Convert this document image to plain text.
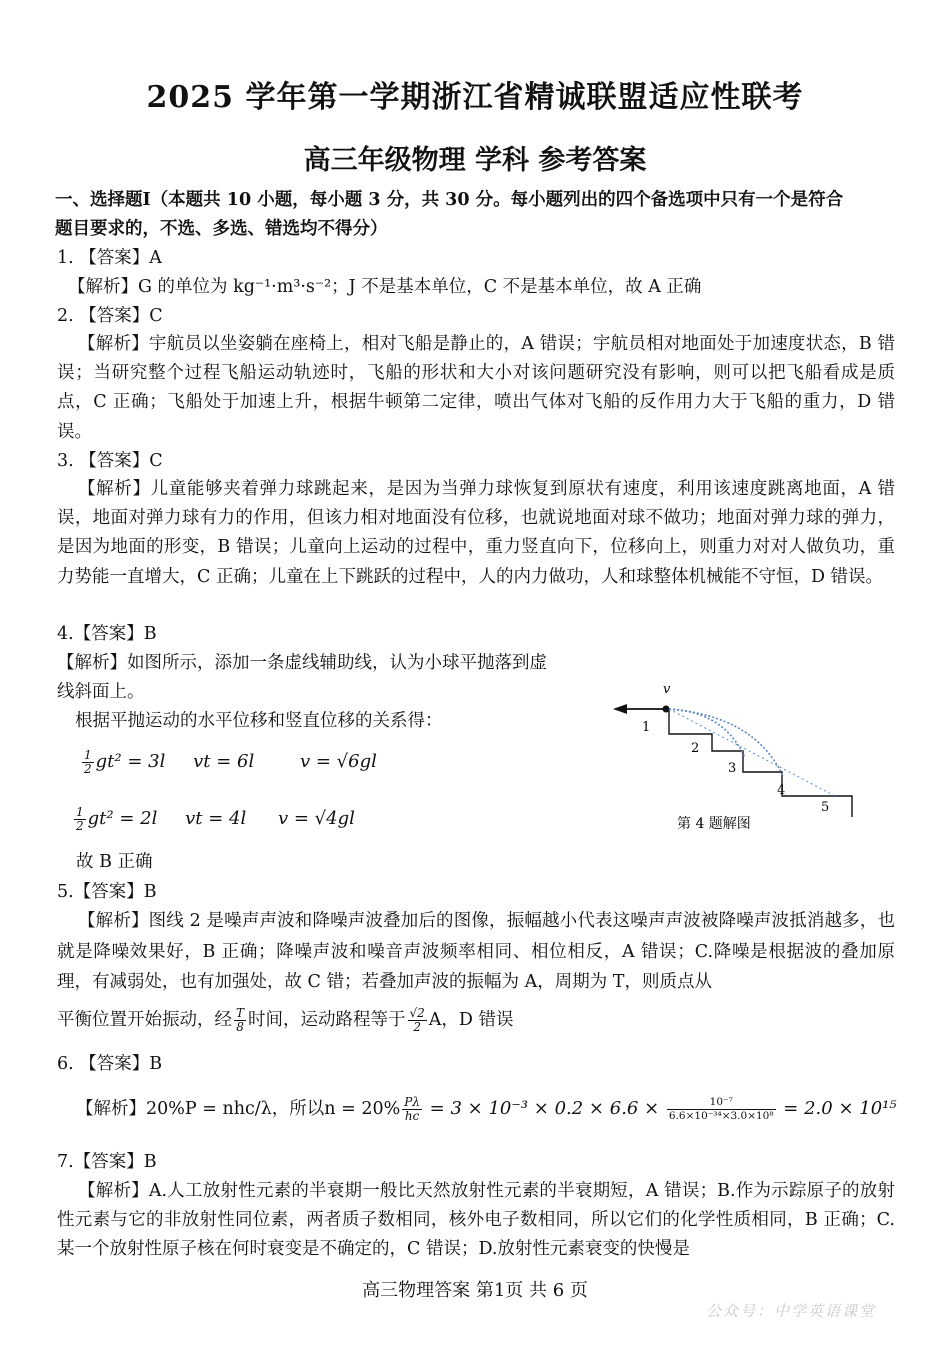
2025 学年第一学期浙江省精诚联盟适应性联考
高三年级物理 学科 参考答案
一、选择题Ⅰ（本题共 10 小题，每小题 3 分，共 30 分。每小题列出的四个备选项中只有一个是符合
题目要求的，不选、多选、错选均不得分）
1. 【答案】A
【解析】G 的单位为 kg⁻¹·m³·s⁻²；J 不是基本单位，C 不是基本单位，故 A 正确
2. 【答案】C
【解析】宇航员以坐姿躺在座椅上，相对飞船是静止的，A 错误；宇航员相对地面处于加速度状态，B 错误；当研究整个过程飞船运动轨迹时，飞船的形状和大小对该问题研究没有影响，则可以把飞船看成是质点，C 正确；飞船处于加速上升，根据牛顿第二定律，喷出气体对飞船的反作用力大于飞船的重力，D 错误。
3. 【答案】C
【解析】儿童能够夹着弹力球跳起来，是因为当弹力球恢复到原状有速度，利用该速度跳离地面，A 错误，地面对弹力球有力的作用，但该力相对地面没有位移，也就说地面对球不做功；地面对弹力球的弹力，是因为地面的形变，B 错误；儿童向上运动的过程中，重力竖直向下，位移向上，则重力对对人做负功，重力势能一直增大，C 正确；儿童在上下跳跃的过程中，人的内力做功，人和球整体机械能不守恒，D 错误。
4.【答案】B
【解析】如图所示，添加一条虚线辅助线，认为小球平抛落到虚
线斜面上。
根据平抛运动的水平位移和竖直位移的关系得：
$\frac{1}{2} gt^2 = 3l$ vt = 6l	v = √6gl
$\frac{1}{2} gt^2 = 2l$ vt = 4l v = √4gl
故 B 正确
v
1
2
3
4
5
第 4 题解图
5.【答案】B
【解析】图线 2 是噪声声波和降噪声波叠加后的图像，振幅越小代表这噪声声波被降噪声波抵消越多，也就是降噪效果好，B 正确；降噪声波和噪音声波频率相同、相位相反，A 错误；C.降噪是根据波的叠加原理，有减弱处，也有加强处，故 C 错；若叠加声波的振幅为 A，周期为 T，则质点从
平衡位置开始振动，经 $\frac{T}{8}$ 时间，运动路程等于 $\frac{√2}{2}$ A，D 错误
6. 【答案】B
【解析】20%P = nhc/λ，所以$n = 20\% \frac{P\lambda}{hc} = 3 \times 10^{-3} \times 0.2 \times 6.6 \times \frac{\text{10⁻⁷}}{\text{6.6×10⁻³⁴×3.0×10⁸}} = 2.0 \times 10^{15}$
7.【答案】B
【解析】A.人工放射性元素的半衰期一般比天然放射性元素的半衰期短，A 错误；B.作为示踪原子的放射性元素与它的非放射性同位素，两者质子数相同，核外电子数相同，所以它们的化学性质相同，B 正确；C.某一个放射性原子核在何时衰变是不确定的，C 错误；D.放射性元素衰变的快慢是
高三物理答案 第1页 共 6 页
公众号：中学英语课堂
